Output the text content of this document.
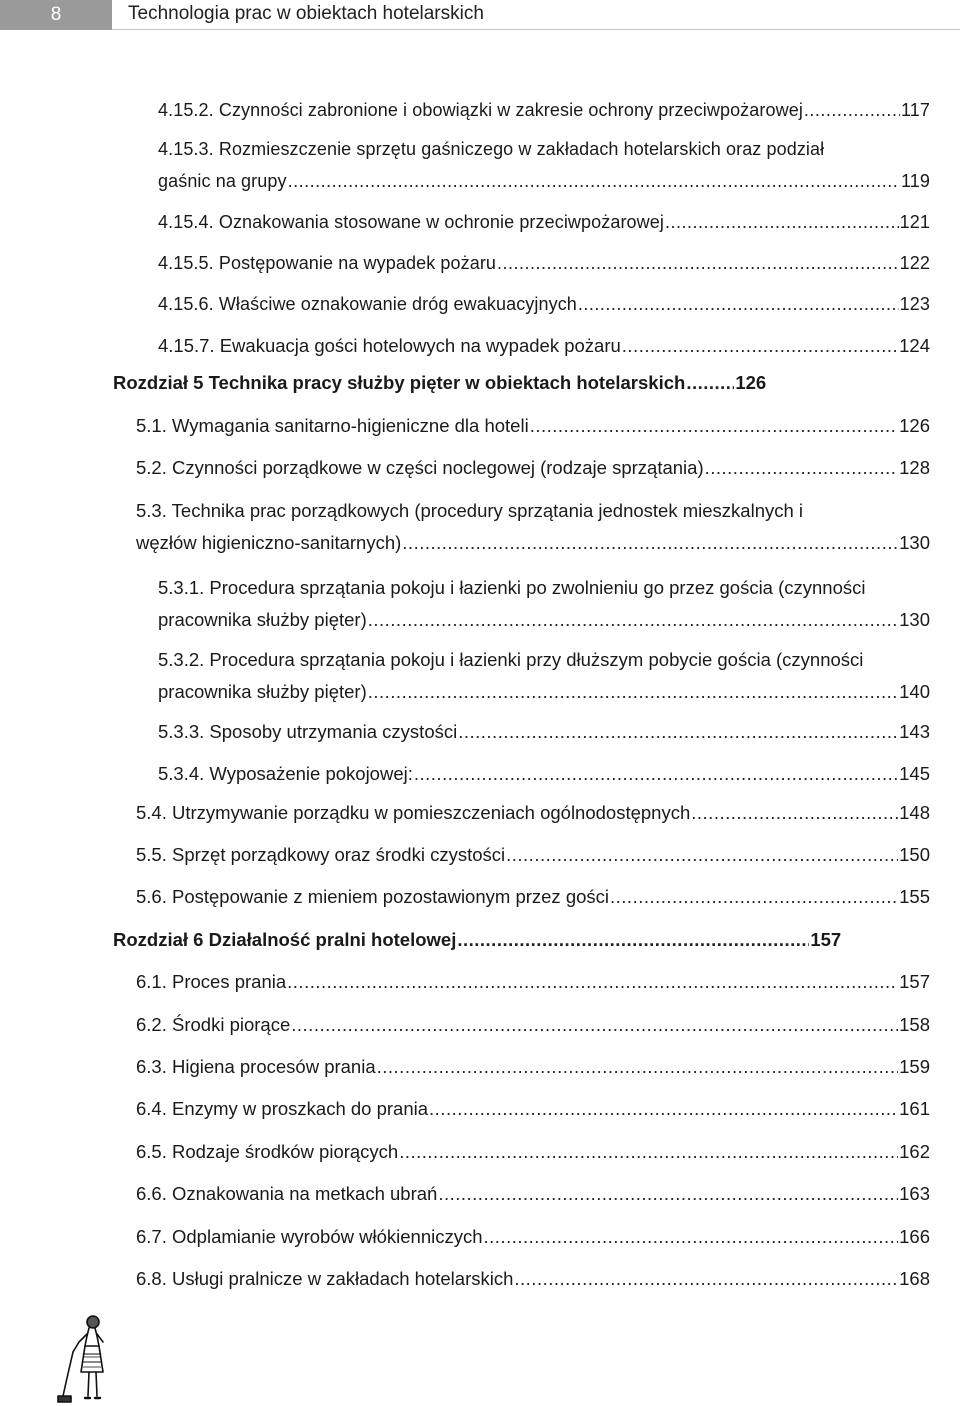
8	Technologia prac w obiektach hotelarskich
4.15.2. Czynności zabronione i obowiązki w zakresie ochrony przeciwpożarowej .....	117
4.15.3. Rozmieszczenie sprzętu gaśniczego w zakładach hotelarskich oraz podział
gaśnic na grupy .....	119
4.15.4. Oznakowania stosowane w ochronie przeciwpożarowej .....	121
4.15.5. Postępowanie na wypadek pożaru .....	122
4.15.6. Właściwe oznakowanie dróg ewakuacyjnych .....	123
4.15.7. Ewakuacja gości hotelowych na wypadek pożaru .....	124
Rozdział 5 Technika pracy służby pięter w obiektach hotelarskich .....	126
5.1. Wymagania sanitarno-higieniczne dla hoteli .....	126
5.2. Czynności porządkowe w części noclegowej (rodzaje sprzątania) .....	128
5.3. Technika prac porządkowych (procedury sprzątania jednostek mieszkalnych i
węzłów higieniczno-sanitarnych) .....	130
5.3.1. Procedura sprzątania pokoju i łazienki po zwolnieniu go przez gościa (czynności
pracownika służby pięter) .....	130
5.3.2. Procedura sprzątania pokoju i łazienki przy dłuższym pobycie gościa (czynności
pracownika służby pięter) .....	140
5.3.3. Sposoby utrzymania czystości .....	143
5.3.4. Wyposażenie pokojowej: .....	145
5.4. Utrzymywanie porządku w pomieszczeniach ogólnodostępnych .....	148
5.5. Sprzęt porządkowy oraz środki czystości .....	150
5.6. Postępowanie z mieniem pozostawionym przez gości .....	155
Rozdział 6 Działalność pralni hotelowej .....	157
6.1. Proces prania .....	157
6.2. Środki piorące .....	158
6.3. Higiena procesów prania .....	159
6.4. Enzymy w proszkach do prania .....	161
6.5. Rodzaje środków piorących .....	162
6.6. Oznakowania na metkach ubrań .....	163
6.7. Odplamianie wyrobów włókienniczych .....	166
6.8. Usługi pralnicze w zakładach hotelarskich .....	168
